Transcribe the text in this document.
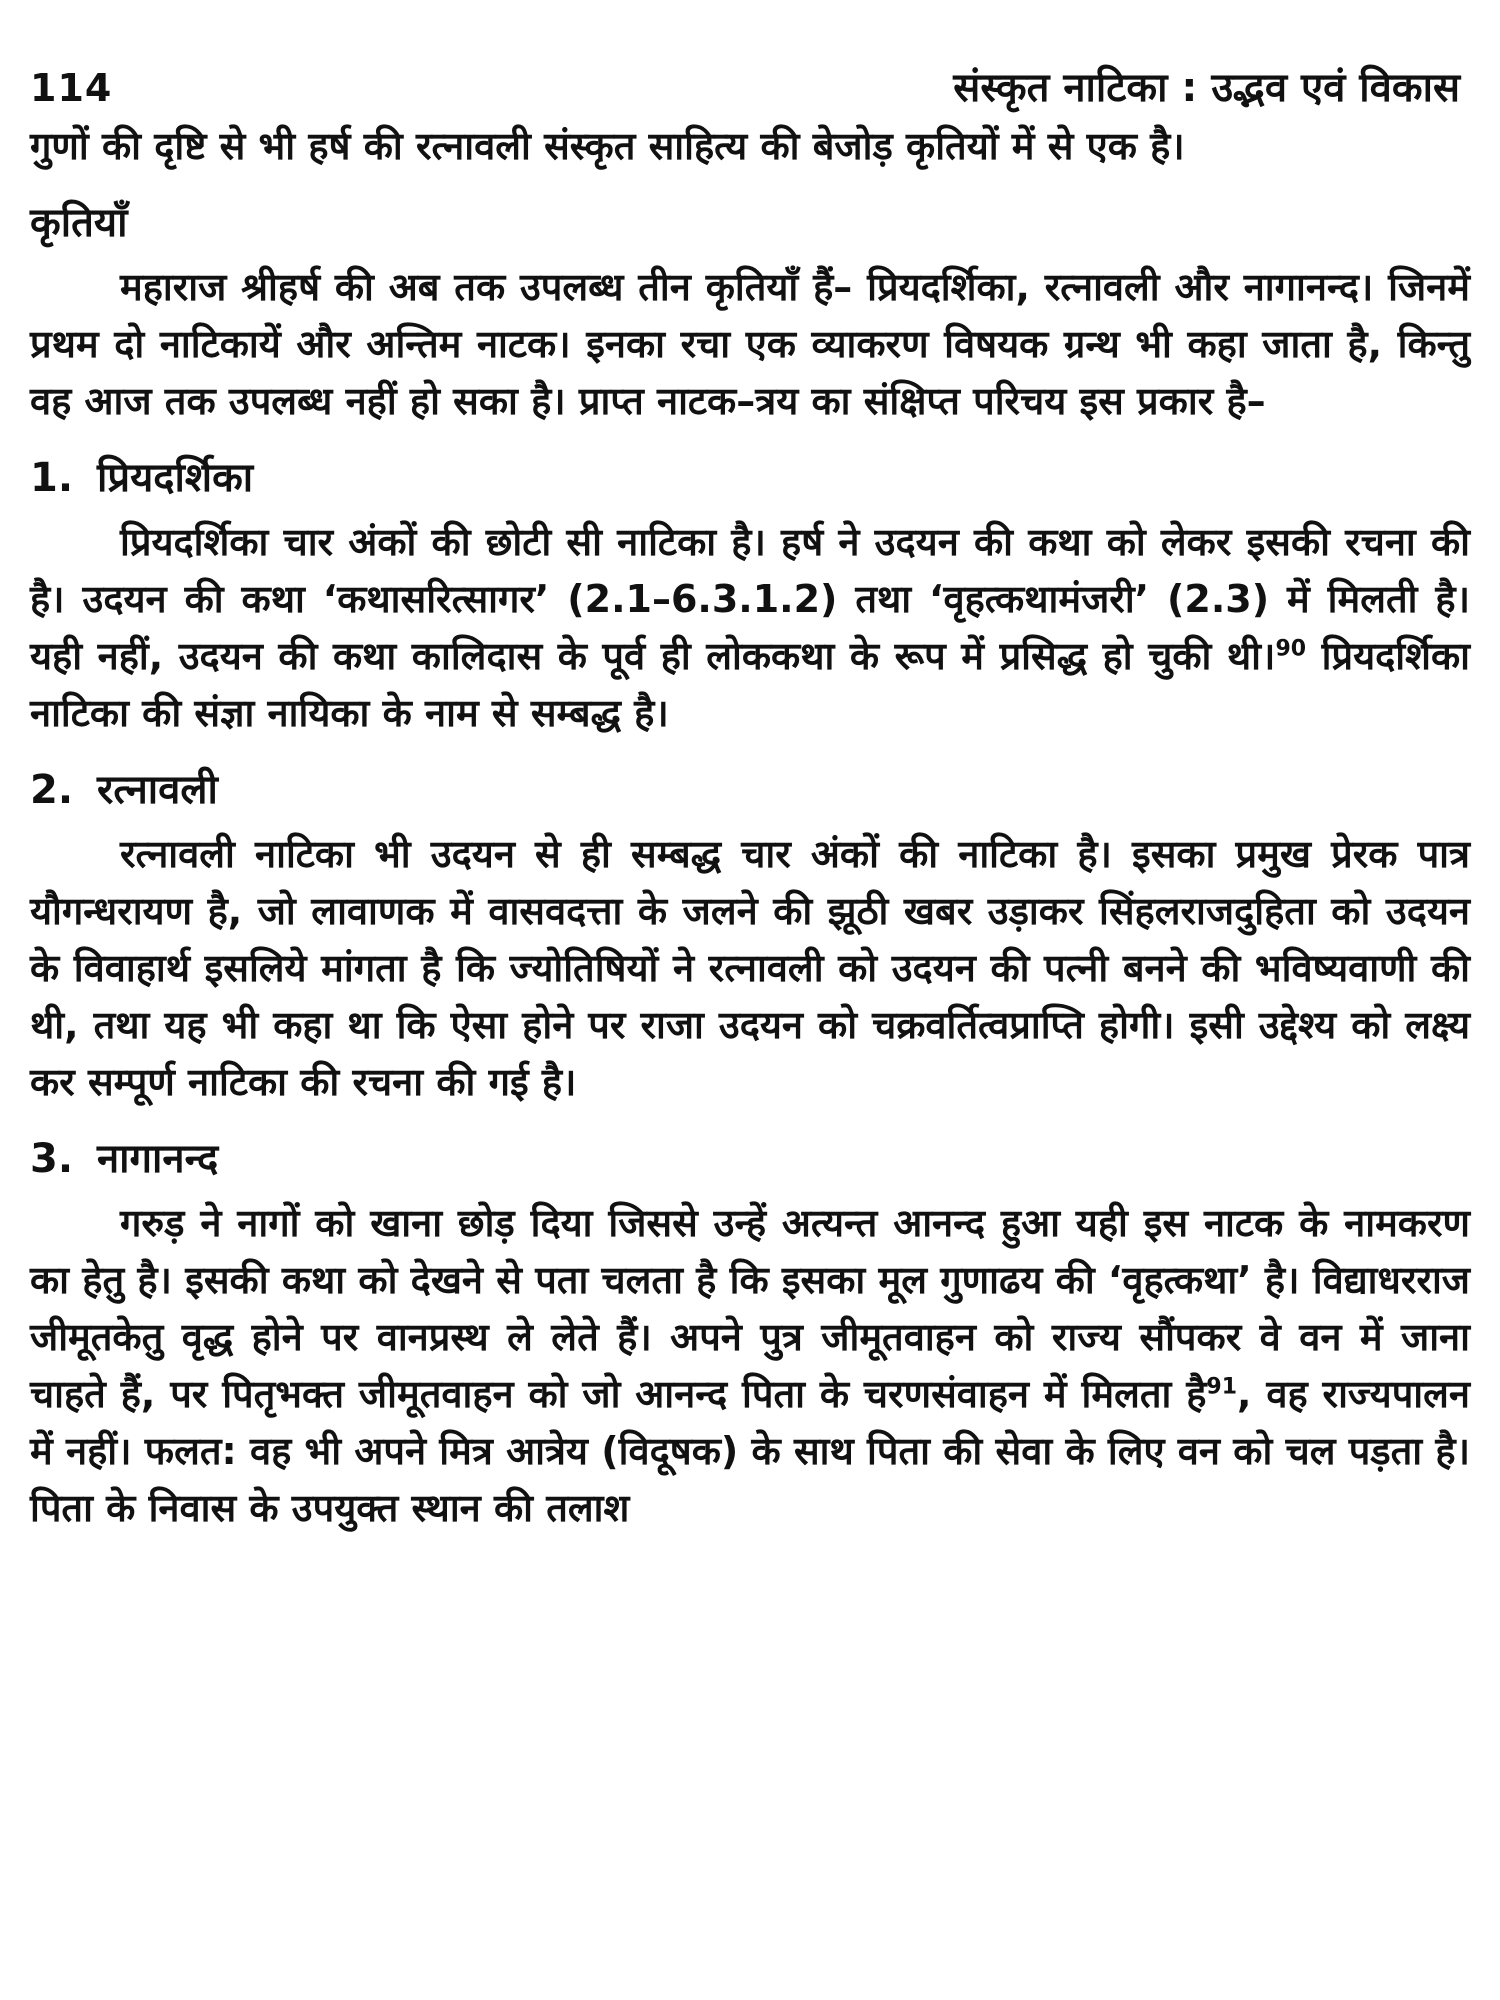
114	संस्कृत नाटिका : उद्भव एवं विकास

गुणों की दृष्टि से भी हर्ष की रत्नावली संस्कृत साहित्य की बेजोड़ कृतियों में से एक है।

कृतियाँ

महाराज श्रीहर्ष की अब तक उपलब्ध तीन कृतियाँ हैं– प्रियदर्शिका, रत्नावली और नागानन्द। जिनमें प्रथम दो नाटिकायें और अन्तिम नाटक। इनका रचा एक व्याकरण विषयक ग्रन्थ भी कहा जाता है, किन्तु वह आज तक उपलब्ध नहीं हो सका है। प्राप्त नाटक–त्रय का संक्षिप्त परिचय इस प्रकार है–

1. प्रियदर्शिका

प्रियदर्शिका चार अंकों की छोटी सी नाटिका है। हर्ष ने उदयन की कथा को लेकर इसकी रचना की है। उदयन की कथा ‘कथासरित्सागर’ (2.1–6.3.1.2) तथा ‘वृहत्कथामंजरी’ (2.3) में मिलती है। यही नहीं, उदयन की कथा कालिदास के पूर्व ही लोककथा के रूप में प्रसिद्ध हो चुकी थी।$^{90}$ प्रियदर्शिका नाटिका की संज्ञा नायिका के नाम से सम्बद्ध है।

2. रत्नावली

रत्नावली नाटिका भी उदयन से ही सम्बद्ध चार अंकों की नाटिका है। इसका प्रमुख प्रेरक पात्र यौगन्धरायण है, जो लावाणक में वासवदत्ता के जलने की झूठी खबर उड़ाकर सिंहलराजदुहिता को उदयन के विवाहार्थ इसलिये मांगता है कि ज्योतिषियों ने रत्नावली को उदयन की पत्नी बनने की भविष्यवाणी की थी, तथा यह भी कहा था कि ऐसा होने पर राजा उदयन को चक्रवर्तित्वप्राप्ति होगी। इसी उद्देश्य को लक्ष्य कर सम्पूर्ण नाटिका की रचना की गई है।

3. नागानन्द

गरुड़ ने नागों को खाना छोड़ दिया जिससे उन्हें अत्यन्त आनन्द हुआ यही इस नाटक के नामकरण का हेतु है। इसकी कथा को देखने से पता चलता है कि इसका मूल गुणाढय की ‘वृहत्कथा’ है। विद्याधरराज जीमूतकेतु वृद्ध होने पर वानप्रस्थ ले लेते हैं। अपने पुत्र जीमूतवाहन को राज्य सौंपकर वे वन में जाना चाहते हैं, पर पितृभक्त जीमूतवाहन को जो आनन्द पिता के चरणसंवाहन में मिलता है$^{91}$, वह राज्यपालन में नहीं। फलत: वह भी अपने मित्र आत्रेय (विदूषक) के साथ पिता की सेवा के लिए वन को चल पड़ता है। पिता के निवास के उपयुक्त स्थान की तलाश
